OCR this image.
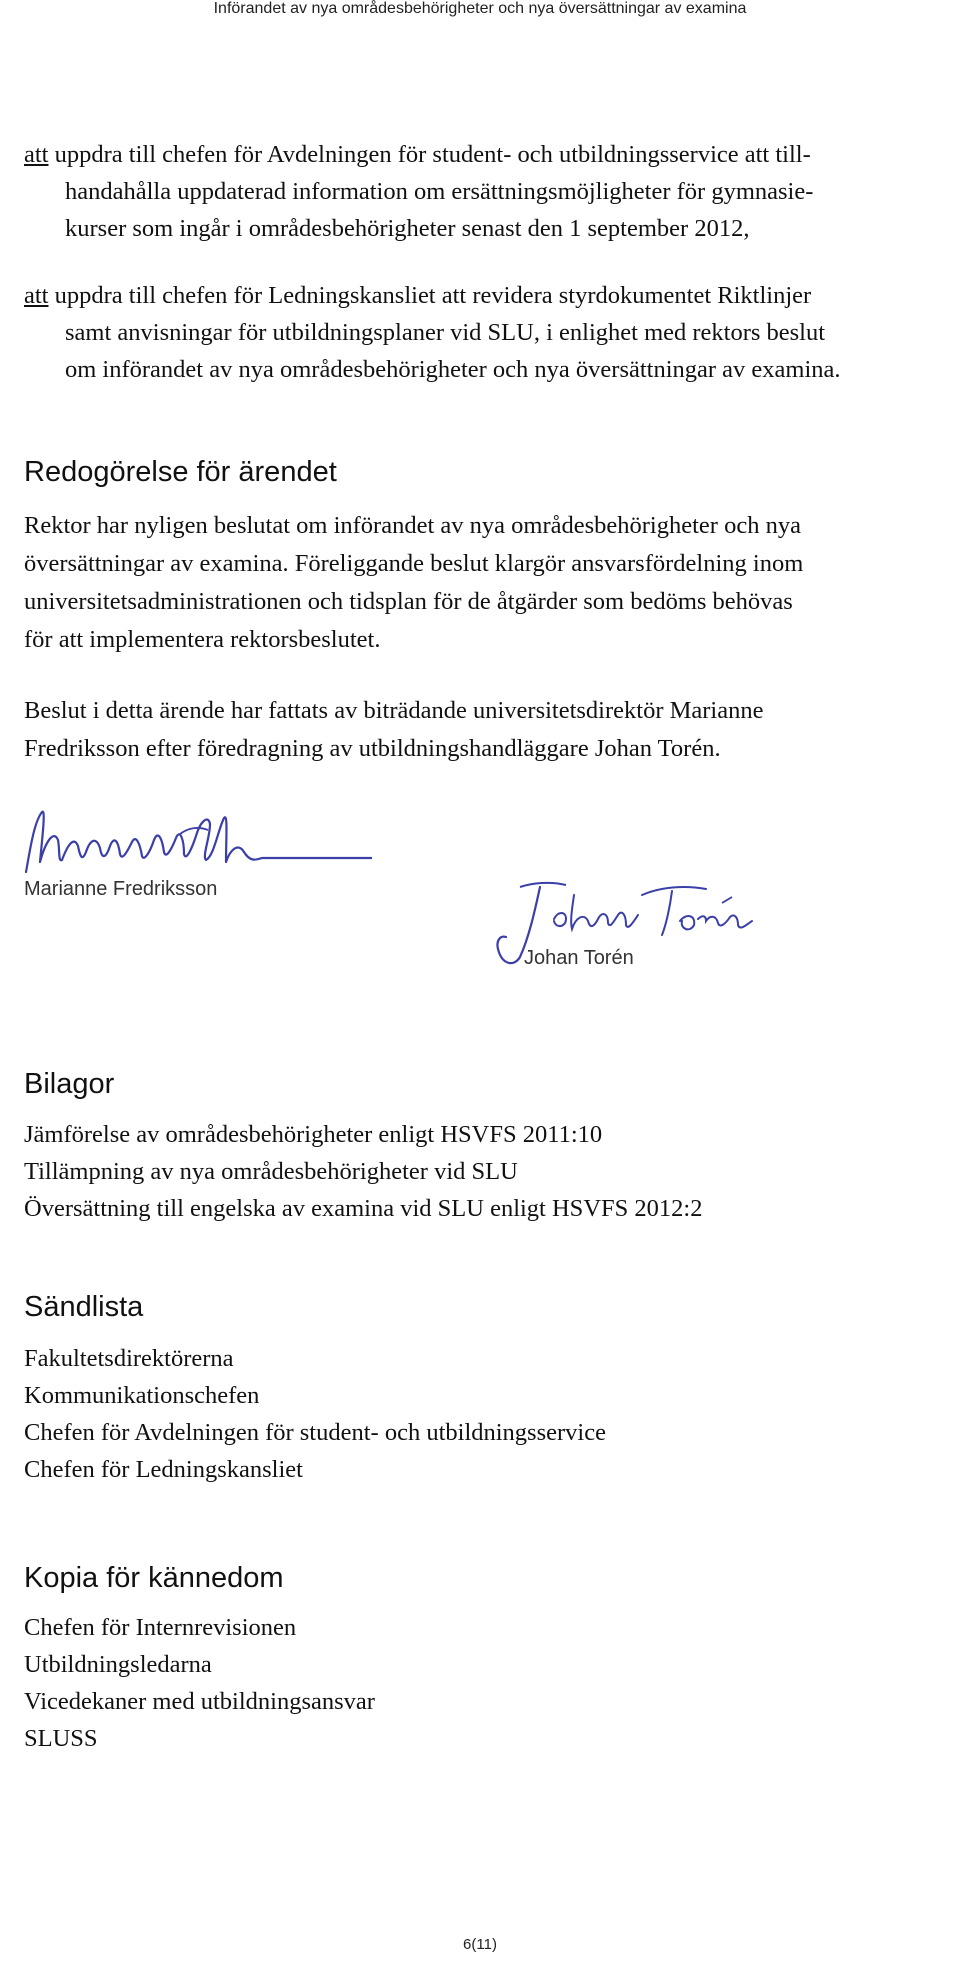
Införandet av nya områdesbehörigheter och nya översättningar av examina
att uppdra till chefen för Avdelningen för student- och utbildningsservice att till-
handahålla uppdaterad information om ersättningsmöjligheter för gymnasie-
kurser som ingår i områdesbehörigheter senast den 1 september 2012,
att uppdra till chefen för Ledningskansliet att revidera styrdokumentet Riktlinjer
samt anvisningar för utbildningsplaner vid SLU, i enlighet med rektors beslut
om införandet av nya områdesbehörigheter och nya översättningar av examina.
Redogörelse för ärendet
Rektor har nyligen beslutat om införandet av nya områdesbehörigheter och nya
översättningar av examina. Föreliggande beslut klargör ansvarsfördelning inom
universitetsadministrationen och tidsplan för de åtgärder som bedöms behövas
för att implementera rektorsbeslutet.
Beslut i detta ärende har fattats av biträdande universitetsdirektör Marianne
Fredriksson efter föredragning av utbildningshandläggare Johan Torén.
Marianne Fredriksson
Johan Torén
Bilagor
Jämförelse av områdesbehörigheter enligt HSVFS 2011:10
Tillämpning av nya områdesbehörigheter vid SLU
Översättning till engelska av examina vid SLU enligt HSVFS 2012:2
Sändlista
Fakultetsdirektörerna
Kommunikationschefen
Chefen för Avdelningen för student- och utbildningsservice
Chefen för Ledningskansliet
Kopia för kännedom
Chefen för Internrevisionen
Utbildningsledarna
Vicedekaner med utbildningsansvar
SLUSS
6(11)
